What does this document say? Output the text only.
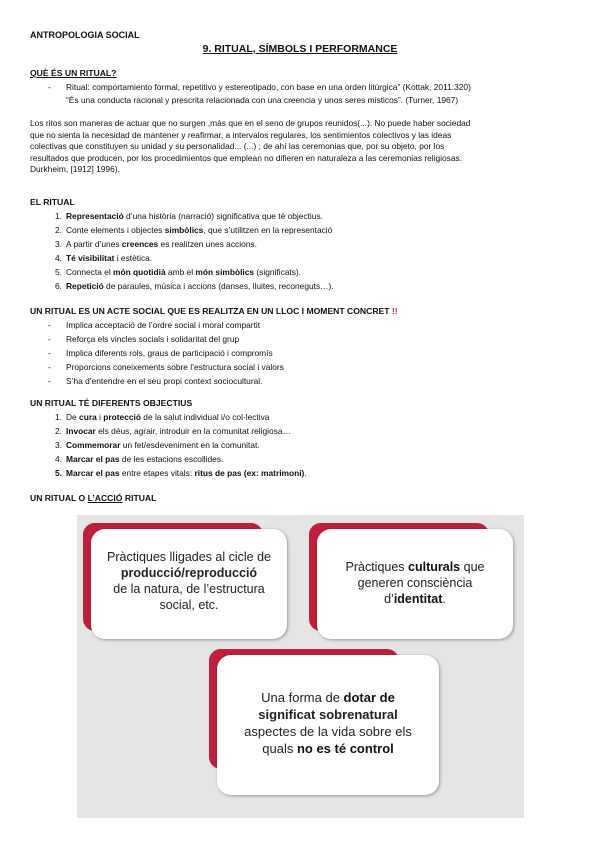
ANTROPOLOGIA SOCIAL
9. RITUAL, SÍMBOLS I PERFORMANCE
QUÈ ÉS UN RITUAL?
- Ritual: comportamiento formal, repetitivo y estereotipado, con base en una orden litúrgica” (Kottak, 2011:320)
“És una conducta racional y prescrita relacionada con una creencia y unos seres misticos”. (Turner, 1967)
Los ritos son maneras de actuar que no surgen ,más que en el seno de grupos reunidos(...). No puede haber sociedad
que no sienta la necesidad de mantener y reafirmar, a intervalos regulares, los sentimientos colectivos y las ideas
colectivas que constituyen su unidad y su personalidad... (...) ; de ahí las ceremonias que, por su objeto, por los
resultados que producen, por los procedimientos que emplean no difieren en naturaleza a las ceremonias religiosas.
Durkheim, [1912] 1996).
EL RITUAL
1. Representació d’una història (narració) significativa que té objectius.
2. Conte elements i objectes simbòlics, que s’utilitzen en la representació
3. A partir d’unes creences es realitzen unes accions.
4. Té visibilitat i estètica.
5. Connecta el món quotidià amb el món simbòlics (significats).
6. Repetició de paraules, música i accions (danses, lluites, reconeguts…).
UN RITUAL ES UN ACTE SOCIAL QUE ES REALITZA EN UN LLOC I MOMENT CONCRET !!
- Implica acceptació de l’ordre social i moral compartit
- Reforça els vincles socials i solidaritat del grup
- Implica diferents rols, graus de participació i compromís
- Proporcions coneixements sobre l’estructura social i valors
- S’ha d’entendre en el seu propi context sociocultural.
UN RITUAL TÉ DIFERENTS OBJECTIUS
1. De cura i protecció de la salut individual i/o col·lectiva
2. Invocar els déus, agrair, introduir en la comunitat religiosa…
3. Commemorar un fet/esdeveniment en la comunitat.
4. Marcar el pas de les estacions escollides.
5. Marcar el pas entre etapes vitals: ritus de pas (ex: matrimoni).
UN RITUAL O L’ACCIÓ RITUAL
Pràctiques lligades al cicle de
producció/reproducció
de la natura, de l’estructura
social, etc.
Pràctiques culturals que
generen consciència
d’identitat.
Una forma de dotar de
significat sobrenatural
aspectes de la vida sobre els
quals no es té control
